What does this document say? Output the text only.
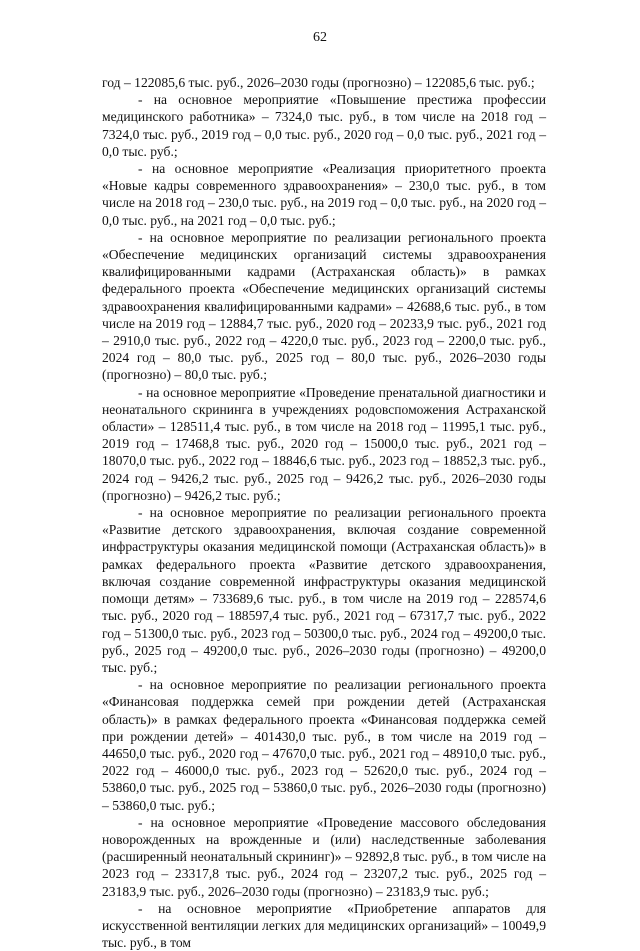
62

год – 122085,6 тыс. руб., 2026–2030 годы (прогнозно) – 122085,6 тыс. руб.;

- на основное мероприятие «Повышение престижа профессии медицинского работника» – 7324,0 тыс. руб., в том числе на 2018 год – 7324,0 тыс. руб., 2019 год – 0,0 тыс. руб., 2020 год – 0,0 тыс. руб., 2021 год – 0,0 тыс. руб.;

- на основное мероприятие «Реализация приоритетного проекта «Новые кадры современного здравоохранения» – 230,0 тыс. руб., в том числе на 2018 год – 230,0 тыс. руб., на 2019 год – 0,0 тыс. руб., на 2020 год – 0,0 тыс. руб., на 2021 год – 0,0 тыс. руб.;

- на основное мероприятие по реализации регионального проекта «Обеспечение медицинских организаций системы здравоохранения квалифицированными кадрами (Астраханская область)» в рамках федерального проекта «Обеспечение медицинских организаций системы здравоохранения квалифицированными кадрами» – 42688,6 тыс. руб., в том числе на 2019 год – 12884,7 тыс. руб., 2020 год – 20233,9 тыс. руб., 2021 год – 2910,0 тыс. руб., 2022 год – 4220,0 тыс. руб., 2023 год – 2200,0 тыс. руб., 2024 год – 80,0 тыс. руб., 2025 год – 80,0 тыс. руб., 2026–2030 годы (прогнозно) – 80,0 тыс. руб.;

- на основное мероприятие «Проведение пренатальной диагностики и неонатального скрининга в учреждениях родовспоможения Астраханской области» – 128511,4 тыс. руб., в том числе на 2018 год – 11995,1 тыс. руб., 2019 год – 17468,8 тыс. руб., 2020 год – 15000,0 тыс. руб., 2021 год – 18070,0 тыс. руб., 2022 год – 18846,6 тыс. руб., 2023 год – 18852,3 тыс. руб., 2024 год – 9426,2 тыс. руб., 2025 год – 9426,2 тыс. руб., 2026–2030 годы (прогнозно) – 9426,2 тыс. руб.;

- на основное мероприятие по реализации регионального проекта «Развитие детского здравоохранения, включая создание современной инфраструктуры оказания медицинской помощи (Астраханская область)» в рамках федерального проекта «Развитие детского здравоохранения, включая создание современной инфраструктуры оказания медицинской помощи детям» – 733689,6 тыс. руб., в том числе на 2019 год – 228574,6 тыс. руб., 2020 год – 188597,4 тыс. руб., 2021 год – 67317,7 тыс. руб., 2022 год – 51300,0 тыс. руб., 2023 год – 50300,0 тыс. руб., 2024 год – 49200,0 тыс. руб., 2025 год – 49200,0 тыс. руб., 2026–2030 годы (прогнозно) – 49200,0 тыс. руб.;

- на основное мероприятие по реализации регионального проекта «Финансовая поддержка семей при рождении детей (Астраханская область)» в рамках федерального проекта «Финансовая поддержка семей при рождении детей» – 401430,0 тыс. руб., в том числе на 2019 год – 44650,0 тыс. руб., 2020 год – 47670,0 тыс. руб., 2021 год – 48910,0 тыс. руб., 2022 год – 46000,0 тыс. руб., 2023 год – 52620,0 тыс. руб., 2024 год – 53860,0 тыс. руб., 2025 год – 53860,0 тыс. руб., 2026–2030 годы (прогнозно) – 53860,0 тыс. руб.;

- на основное мероприятие «Проведение массового обследования новорожденных на врожденные и (или) наследственные заболевания (расширенный неонатальный скрининг)» – 92892,8 тыс. руб., в том числе на 2023 год – 23317,8 тыс. руб., 2024 год – 23207,2 тыс. руб., 2025 год – 23183,9 тыс. руб., 2026–2030 годы (прогнозно) – 23183,9 тыс. руб.;

- на основное мероприятие «Приобретение аппаратов для искусственной вентиляции легких для медицинских организаций» – 10049,9 тыс. руб., в том
